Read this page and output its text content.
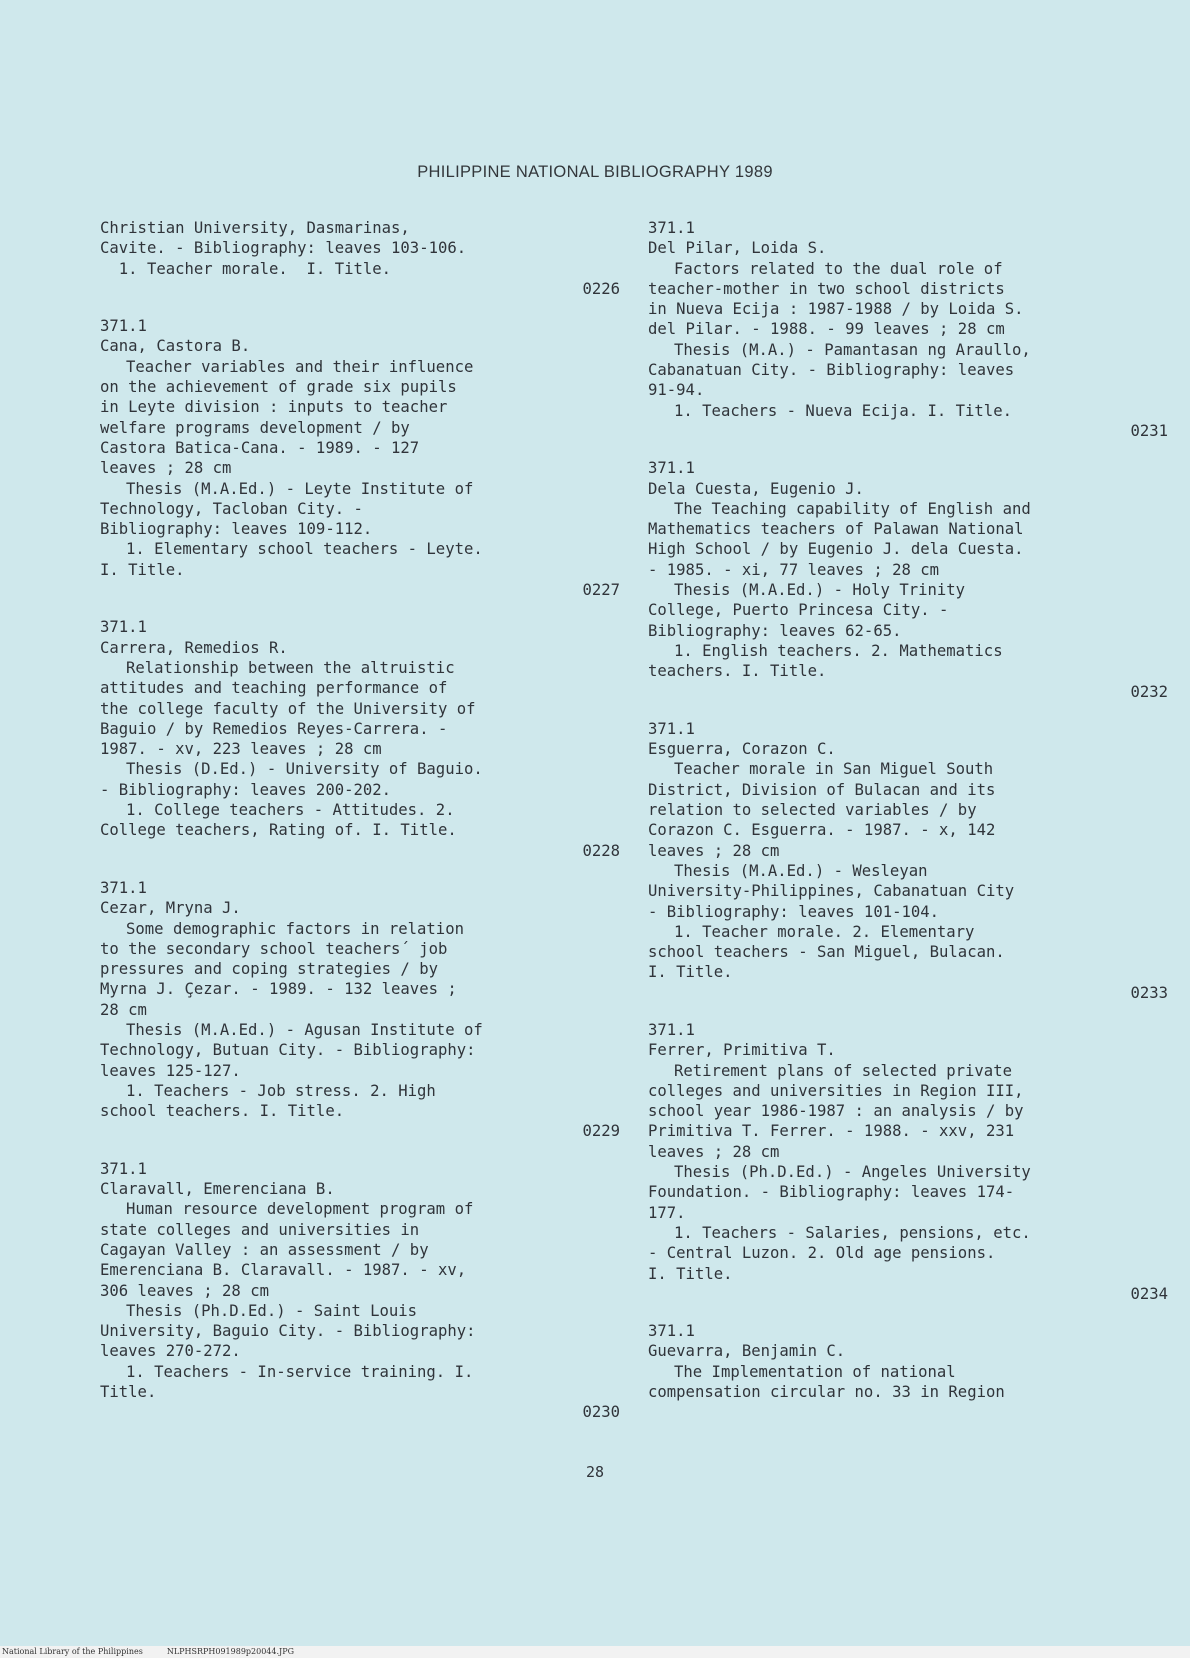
PHILIPPINE NATIONAL BIBLIOGRAPHY 1989
Christian University, Dasmarinas,
Cavite. - Bibliography: leaves 103-106.
1. Teacher morale.  I. Title.

0226

371.1

Cana, Castora B.

Teacher variables and their influence
on the achievement of grade six pupils
in Leyte division : inputs to teacher
welfare programs development / by
Castora Batica-Cana. - 1989. - 127
leaves ; 28 cm

Thesis (M.A.Ed.) - Leyte Institute of
Technology, Tacloban City. -
Bibliography: leaves 109-112.

1. Elementary school teachers - Leyte.
I. Title.

0227

371.1

Carrera, Remedios R.

Relationship between the altruistic
attitudes and teaching performance of
the college faculty of the University of
Baguio / by Remedios Reyes-Carrera. -
1987. - xv, 223 leaves ; 28 cm

Thesis (D.Ed.) - University of Baguio.
- Bibliography: leaves 200-202.

1. College teachers - Attitudes. 2.
College teachers, Rating of. I. Title.

0228

371.1

Cezar, Mryna J.

Some demographic factors in relation
to the secondary school teachers´ job
pressures and coping strategies / by
Myrna J. Çezar. - 1989. - 132 leaves ;
28 cm

Thesis (M.A.Ed.) - Agusan Institute of
Technology, Butuan City. - Bibliography:
leaves 125-127.

1. Teachers - Job stress. 2. High
school teachers. I. Title.

0229

371.1

Claravall, Emerenciana B.

Human resource development program of
state colleges and universities in
Cagayan Valley : an assessment / by
Emerenciana B. Claravall. - 1987. - xv,
306 leaves ; 28 cm

Thesis (Ph.D.Ed.) - Saint Louis
University, Baguio City. - Bibliography:
leaves 270-272.

1. Teachers - In-service training. I.
Title.

0230

371.1

Del Pilar, Loida S.

Factors related to the dual role of
teacher-mother in two school districts
in Nueva Ecija : 1987-1988 / by Loida S.
del Pilar. - 1988. - 99 leaves ; 28 cm

Thesis (M.A.) - Pamantasan ng Araullo,
Cabanatuan City. - Bibliography: leaves
91-94.

1. Teachers - Nueva Ecija. I. Title.

0231

371.1

Dela Cuesta, Eugenio J.

The Teaching capability of English and
Mathematics teachers of Palawan National
High School / by Eugenio J. dela Cuesta.
- 1985. - xi, 77 leaves ; 28 cm

Thesis (M.A.Ed.) - Holy Trinity
College, Puerto Princesa City. -
Bibliography: leaves 62-65.

1. English teachers. 2. Mathematics
teachers. I. Title.

0232

371.1

Esguerra, Corazon C.

Teacher morale in San Miguel South
District, Division of Bulacan and its
relation to selected variables / by
Corazon C. Esguerra. - 1987. - x, 142
leaves ; 28 cm

Thesis (M.A.Ed.) - Wesleyan
University-Philippines, Cabanatuan City
- Bibliography: leaves 101-104.

1. Teacher morale. 2. Elementary
school teachers - San Miguel, Bulacan.
I. Title.

0233

371.1

Ferrer, Primitiva T.

Retirement plans of selected private
colleges and universities in Region III,
school year 1986-1987 : an analysis / by
Primitiva T. Ferrer. - 1988. - xxv, 231
leaves ; 28 cm

Thesis (Ph.D.Ed.) - Angeles University
Foundation. - Bibliography: leaves 174-
177.

1. Teachers - Salaries, pensions, etc.
- Central Luzon. 2. Old age pensions.
I. Title.

0234

371.1

Guevarra, Benjamin C.

The Implementation of national
compensation circular no. 33 in Region

28
National Library of the Philippines	NLPHSRPH091989p20044.JPG
